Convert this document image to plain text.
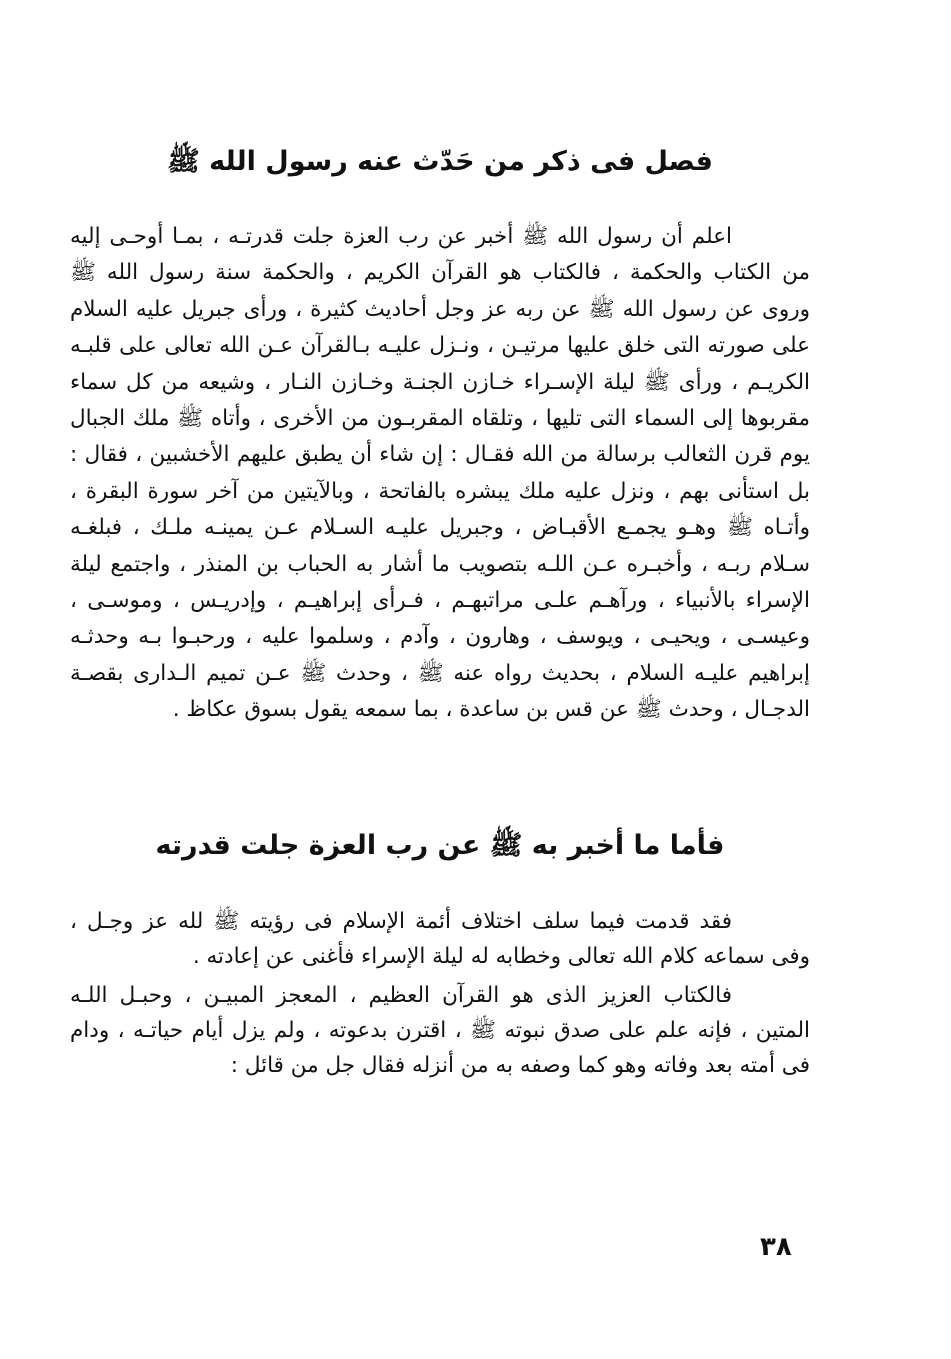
فصل فى ذكر من حَدّث عنه رسول الله ﷺ

اعلم أن رسول الله ﷺ أخبر عن رب العزة جلت قدرتـه ، بمـا أوحـى إليه من الكتاب والحكمة ، فالكتاب هو القرآن الكريم ، والحكمة سنة رسول الله ﷺ وروى عن رسول الله ﷺ عن ربه عز وجل أحاديث كثيرة ، ورأى جبريل عليه السلام على صورته التى خلق عليها مرتيـن ، ونـزل عليـه بـالقرآن عـن الله تعالى على قلبـه الكريـم ، ورأى ﷺ ليلة الإسـراء خـازن الجنـة وخـازن النـار ، وشيعه من كل سماء مقربوها إلى السماء التى تليها ، وتلقاه المقربـون من الأخرى ، وأتاه ﷺ ملك الجبال يوم قرن الثعالب برسالة من الله فقـال : إن شاء أن يطبق عليهم الأخشبين ، فقال : بل استأنى بهم ، ونزل عليه ملك يبشره بالفاتحة ، وبالآيتين من آخر سورة البقرة ، وأتـاه ﷺ وهـو يجمـع الأقبـاض ، وجبريل عليـه السـلام عـن يمينـه ملـك ، فبلغـه سـلام ربـه ، وأخبـره عـن اللـه بتصويب ما أشار به الحباب بن المنذر ، واجتمع ليلة الإسراء بالأنبياء ، ورآهـم علـى مراتبهـم ، فـرأى إبراهيـم ، وإدريـس ، وموسـى ، وعيسـى ، ويحيـى ، ويوسف ، وهارون ، وآدم ، وسلموا عليه ، ورحبـوا بـه وحدثـه إبراهيم عليـه السلام ، بحديث رواه عنه ﷺ ، وحدث ﷺ عـن تميم الـدارى بقصـة الدجـال ، وحدث ﷺ عن قس بن ساعدة ، بما سمعه يقول بسوق عكاظ .

فأما ما أخبر به ﷺ عن رب العزة جلت قدرته

فقد قدمت فيما سلف اختلاف أئمة الإسلام فى رؤيته ﷺ لله عز وجـل ، وفى سماعه كلام الله تعالى وخطابه له ليلة الإسراء فأغنى عن إعادته .

فالكتاب العزيز الذى هو القرآن العظيم ، المعجز المبيـن ، وحبـل اللـه المتين ، فإنه علم على صدق نبوته ﷺ ، اقترن بدعوته ، ولم يزل أيام حياتـه ، ودام فى أمته بعد وفاته وهو كما وصفه به من أنزله فقال جل من قائل :

٣٨
